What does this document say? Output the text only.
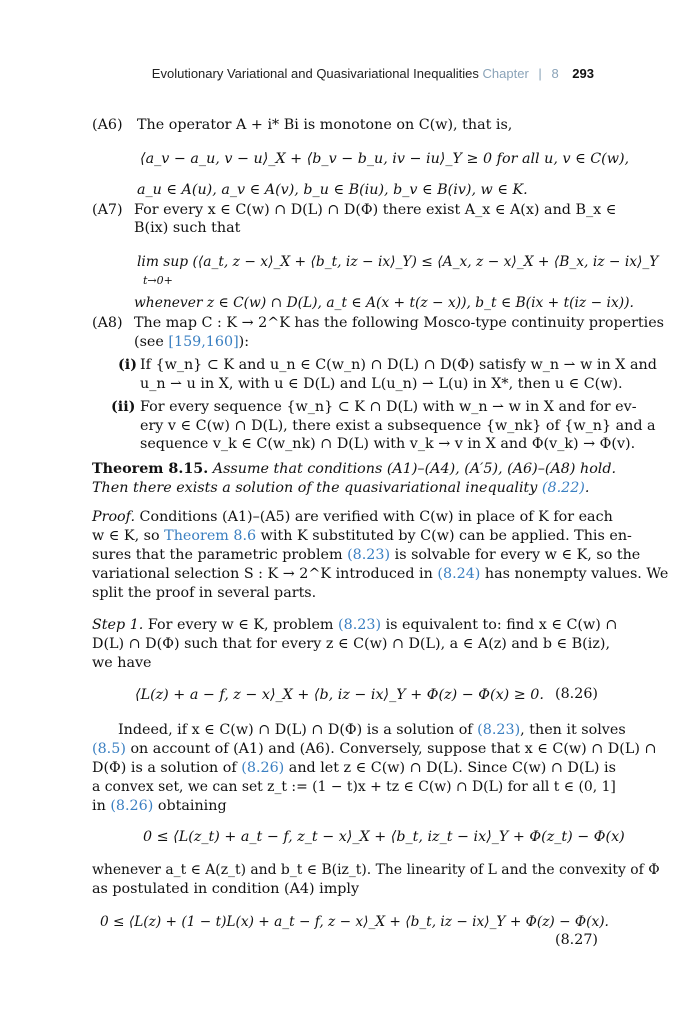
Evolutionary Variational and Quasivariational Inequalities Chapter | 8 293
(A6) The operator A + i* Bi is monotone on C(w), that is,
⟨a_v − a_u, v − u⟩_X + ⟨b_v − b_u, iv − iu⟩_Y ≥ 0 for all u, v ∈ C(w),
a_u ∈ A(u), a_v ∈ A(v), b_u ∈ B(iu), b_v ∈ B(iv), w ∈ K.
(A7) For every x ∈ C(w) ∩ D(L) ∩ D(Φ) there exist A_x ∈ A(x) and B_x ∈
B(ix) such that
lim sup (⟨a_t, z − x⟩_X + ⟨b_t, iz − ix⟩_Y) ≤ ⟨A_x, z − x⟩_X + ⟨B_x, iz − ix⟩_Y
t→0+
whenever z ∈ C(w) ∩ D(L), a_t ∈ A(x + t(z − x)), b_t ∈ B(ix + t(iz − ix)).
(A8) The map C : K → 2^K has the following Mosco-type continuity properties
(see [159,160]):
(i) If {w_n} ⊂ K and u_n ∈ C(w_n) ∩ D(L) ∩ D(Φ) satisfy w_n ⇀ w in X and
u_n ⇀ u in X, with u ∈ D(L) and L(u_n) ⇀ L(u) in X*, then u ∈ C(w).
(ii) For every sequence {w_n} ⊂ K ∩ D(L) with w_n ⇀ w in X and for ev-
ery v ∈ C(w) ∩ D(L), there exist a subsequence {w_nk} of {w_n} and a
sequence v_k ∈ C(w_nk) ∩ D(L) with v_k → v in X and Φ(v_k) → Φ(v).
Theorem 8.15. Assume that conditions (A1)–(A4), (A′5), (A6)–(A8) hold.
Then there exists a solution of the quasivariational inequality (8.22).
Proof. Conditions (A1)–(A5) are verified with C(w) in place of K for each
w ∈ K, so Theorem 8.6 with K substituted by C(w) can be applied. This en-
sures that the parametric problem (8.23) is solvable for every w ∈ K, so the
variational selection S : K → 2^K introduced in (8.24) has nonempty values. We
split the proof in several parts.
Step 1. For every w ∈ K, problem (8.23) is equivalent to: find x ∈ C(w) ∩
D(L) ∩ D(Φ) such that for every z ∈ C(w) ∩ D(L), a ∈ A(z) and b ∈ B(iz),
we have
⟨L(z) + a − f, z − x⟩_X + ⟨b, iz − ix⟩_Y + Φ(z) − Φ(x) ≥ 0. (8.26)
Indeed, if x ∈ C(w) ∩ D(L) ∩ D(Φ) is a solution of (8.23), then it solves
(8.5) on account of (A1) and (A6). Conversely, suppose that x ∈ C(w) ∩ D(L) ∩
D(Φ) is a solution of (8.26) and let z ∈ C(w) ∩ D(L). Since C(w) ∩ D(L) is
a convex set, we can set z_t := (1 − t)x + tz ∈ C(w) ∩ D(L) for all t ∈ (0, 1]
in (8.26) obtaining
0 ≤ ⟨L(z_t) + a_t − f, z_t − x⟩_X + ⟨b_t, iz_t − ix⟩_Y + Φ(z_t) − Φ(x)
whenever a_t ∈ A(z_t) and b_t ∈ B(iz_t). The linearity of L and the convexity of Φ
as postulated in condition (A4) imply
0 ≤ ⟨L(z) + (1 − t)L(x) + a_t − f, z − x⟩_X + ⟨b_t, iz − ix⟩_Y + Φ(z) − Φ(x).
(8.27)
